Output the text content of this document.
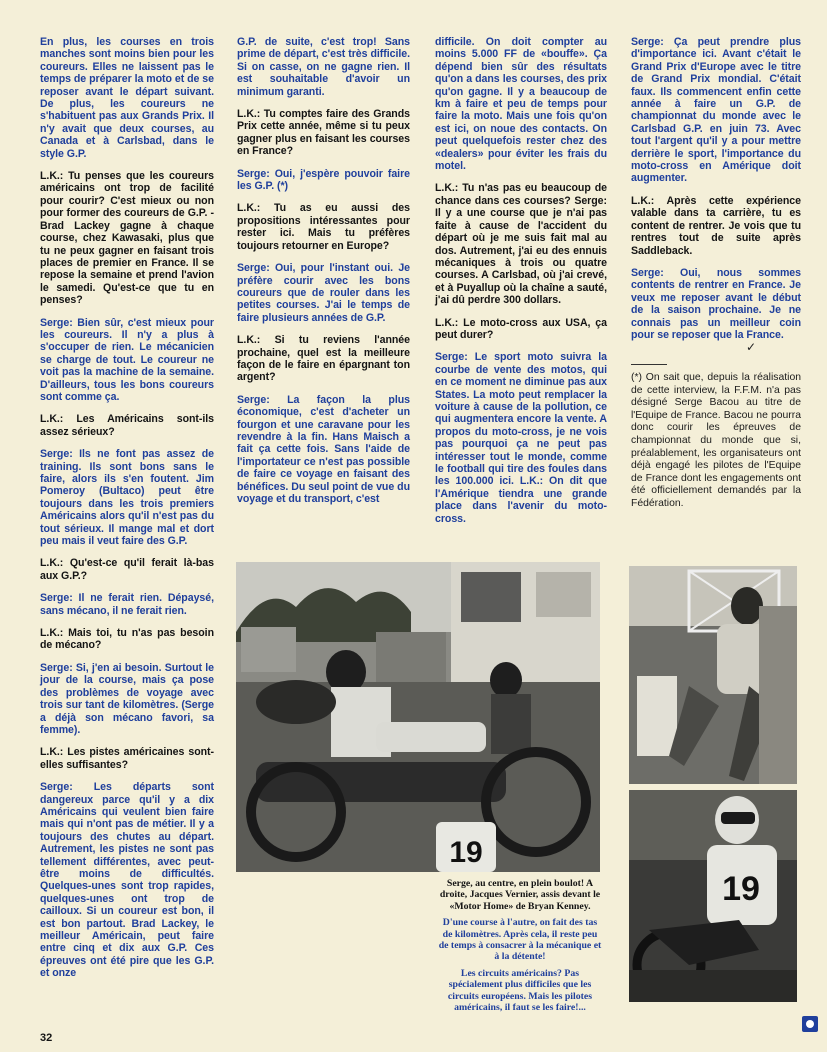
En plus, les courses en trois manches sont moins bien pour les coureurs. Elles ne laissent pas le temps de préparer la moto et de se reposer avant le départ suivant. De plus, les coureurs ne s'habituent pas aux Grands Prix. Il n'y avait que deux courses, au Canada et à Carlsbad, dans le style G.P.

L.K.: Tu penses que les coureurs américains ont trop de facilité pour courir? C'est mieux ou non pour former des coureurs de G.P. - Brad Lackey gagne à chaque course, chez Kawasaki, plus que tu ne peux gagner en faisant trois places de premier en France. Il se repose la semaine et prend l'avion le samedi. Qu'est-ce que tu en penses?

Serge: Bien sûr, c'est mieux pour les coureurs. Il n'y a plus à s'occuper de rien. Le mécanicien se charge de tout. Le coureur ne voit pas la machine de la semaine. D'ailleurs, tous les bons coureurs sont comme ça.

L.K.: Les Américains sont-ils assez sérieux?

Serge: Ils ne font pas assez de training. Ils sont bons sans le faire, alors ils s'en foutent. Jim Pomeroy (Bultaco) peut être toujours dans les trois premiers Américains alors qu'il n'est pas du tout sérieux. Il mange mal et dort peu mais il veut faire des G.P.

L.K.: Qu'est-ce qu'il ferait là-bas aux G.P.?

Serge: Il ne ferait rien. Dépaysé, sans mécano, il ne ferait rien.

L.K.: Mais toi, tu n'as pas besoin de mécano?

Serge: Si, j'en ai besoin. Surtout le jour de la course, mais ça pose des problèmes de voyage avec trois sur tant de kilomètres. (Serge a déjà son mécano favori, sa femme).

L.K.: Les pistes américaines sont-elles suffisantes?

Serge: Les départs sont dangereux parce qu'il y a dix Américains qui veulent bien faire mais qui n'ont pas de métier. Il y a toujours des chutes au départ. Autrement, les pistes ne sont pas tellement différentes, avec peut-être moins de difficultés. Quelques-unes sont trop rapides, quelques-unes ont trop de cailloux. Si un coureur est bon, il est bon partout. Brad Lackey, le meilleur Américain, peut faire entre cinq et dix aux G.P. Ces épreuves ont été pire que les G.P. et onze

G.P. de suite, c'est trop! Sans prime de départ, c'est très difficile. Si on casse, on ne gagne rien. Il est souhaitable d'avoir un minimum garanti.

L.K.: Tu comptes faire des Grands Prix cette année, même si tu peux gagner plus en faisant les courses en France?

Serge: Oui, j'espère pouvoir faire les G.P. (*)

L.K.: Tu as eu aussi des propositions intéressantes pour rester ici. Mais tu préfères toujours retourner en Europe?

Serge: Oui, pour l'instant oui. Je préfère courir avec les bons coureurs que de rouler dans les petites courses. J'ai le temps de faire plusieurs années de G.P.

L.K.: Si tu reviens l'année prochaine, quel est la meilleure façon de le faire en épargnant ton argent?

Serge: La façon la plus économique, c'est d'acheter un fourgon et une caravane pour les revendre à la fin. Hans Maisch a fait ça cette fois. Sans l'aide de l'importateur ce n'est pas possible de faire ce voyage en faisant des bénéfices. Du seul point de vue du voyage et du transport, c'est

difficile. On doit compter au moins 5.000 FF de «bouffe». Ça dépend bien sûr des résultats qu'on a dans les courses, des prix qu'on gagne. Il y a beaucoup de km à faire et peu de temps pour faire la moto. Mais une fois qu'on est ici, on noue des contacts. On peut quelquefois rester chez des «dealers» pour éviter les frais du motel.

L.K.: Tu n'as pas eu beaucoup de chance dans ces courses? Serge: Il y a une course que je n'ai pas faite à cause de l'accident du départ où je me suis fait mal au dos. Autrement, j'ai eu des ennuis mécaniques à trois ou quatre courses. A Carlsbad, où j'ai crevé, et à Puyallup où la chaîne a sauté, j'ai dû perdre 300 dollars.

L.K.: Le moto-cross aux USA, ça peut durer?

Serge: Le sport moto suivra la courbe de vente des motos, qui en ce moment ne diminue pas aux States. La moto peut remplacer la voiture à cause de la pollution, ce qui augmentera encore la vente. A propos du moto-cross, je ne vois pas pourquoi ça ne peut pas intéresser tout le monde, comme le football qui tire des foules dans les 100.000 ici. L.K.: On dit que l'Amérique tiendra une grande place dans l'avenir du moto-cross.

Serge: Ça peut prendre plus d'importance ici. Avant c'était le Grand Prix d'Europe avec le titre de Grand Prix mondial. C'était faux. Ils commencent enfin cette année à faire un G.P. de championnat du monde avec le Carlsbad G.P. en juin 73. Avec tout l'argent qu'il y a pour mettre derrière le sport, l'importance du moto-cross en Amérique doit augmenter.

L.K.: Après cette expérience valable dans ta carrière, tu es content de rentrer. Je vois que tu rentres tout de suite après Saddleback.

Serge: Oui, nous sommes contents de rentrer en France. Je veux me reposer avant le début de la saison prochaine. Je ne connais pas un meilleur coin pour se reposer que la France.

✓

(*) On sait que, depuis la réalisation de cette interview, la F.F.M. n'a pas désigné Serge Bacou au titre de l'Equipe de France. Bacou ne pourra donc courir les épreuves de championnat du monde que si, préalablement, les organisateurs ont déjà engagé les pilotes de l'Equipe de France dont les engagements ont été officiellement demandés par la Fédération.

19
19

Serge, au centre, en plein boulot! A droite, Jacques Vernier, assis devant le «Motor Home» de Bryan Kenney.

D'une course à l'autre, on fait des tas de kilomètres. Après cela, il reste peu de temps à consacrer à la mécanique et à la détente!

Les circuits américains? Pas spécialement plus difficiles que les circuits européens. Mais les pilotes américains, il faut se les faire!...

32
